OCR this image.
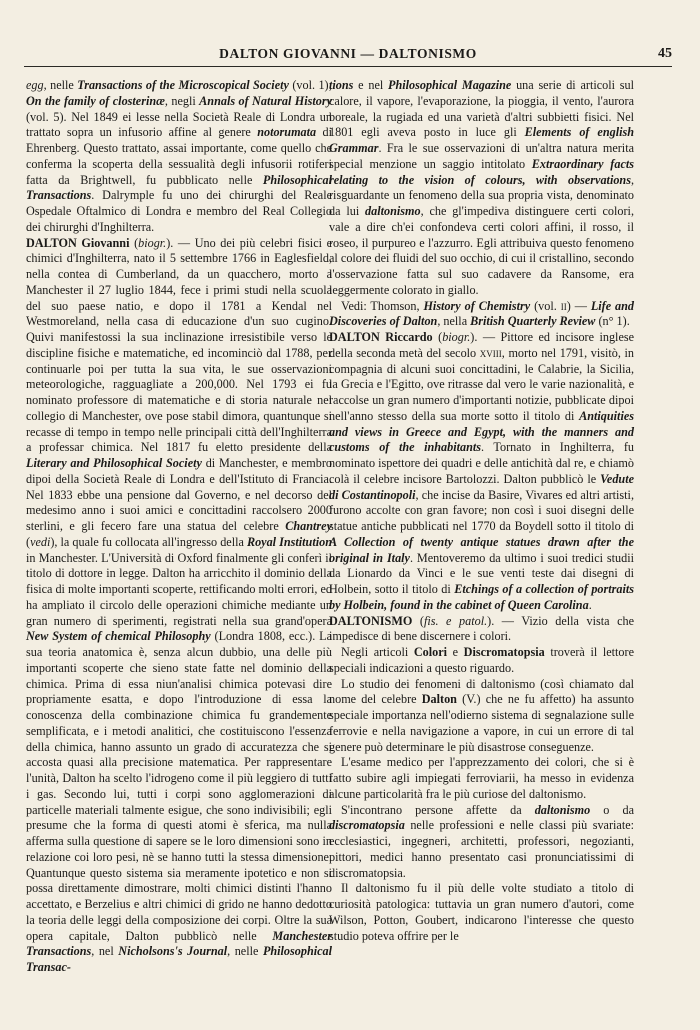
DALTON GIOVANNI — DALTONISMO	45

egg, nelle Transactions of the Microscopical Society (vol. 1); On the family of closterinæ, negli Annals of Natural History (vol. 5). Nel 1849 ei lesse nella Società Reale di Londra un trattato sopra un infusorio affine al genere notorumata di Ehrenberg. Questo trattato, assai importante, come quello che conferma la scoperta della sessualità degli infusorii rotiferi fatta da Brightwell, fu pubblicato nelle Philosophical Transactions. Dalrymple fu uno dei chirurghi del Reale Ospedale Oftalmico di Londra e membro del Real Collegio dei chirurghi d'Inghilterra.

DALTON Giovanni (biogr.). — Uno dei più celebri fisici e chimici d'Inghilterra, nato il 5 settembre 1766 in Eaglesfield, nella contea di Cumberland, da un quacchero, morto a Manchester il 27 luglio 1844, fece i primi studi nella scuola del suo paese natio, e dopo il 1781 a Kendal nel Westmoreland, nella casa di educazione d'un suo cugino. Quivi manifestossi la sua inclinazione irresistibile verso le discipline fisiche e matematiche, ed incominciò dal 1788, per continuarle poi per tutta la sua vita, le sue osservazioni meteorologiche, ragguagliate a 200,000. Nel 1793 ei fu nominato professore di matematiche e di storia naturale nel collegio di Manchester, ove pose stabil dimora, quantunque si recasse di tempo in tempo nelle principali città dell'Inghilterra a professar chimica. Nel 1817 fu eletto presidente della Literary and Philosophical Society di Manchester, e membro dipoi della Società Reale di Londra e dell'Istituto di Francia. Nel 1833 ebbe una pensione dal Governo, e nel decorso del medesimo anno i suoi amici e concittadini raccolsero 2000 sterlini, e gli fecero fare una statua del celebre Chantrey (vedi), la quale fu collocata all'ingresso della Royal Institution in Manchester. L'Università di Oxford finalmente gli conferì il titolo di dottore in legge. Dalton ha arricchito il dominio della fisica di molte importanti scoperte, rettificando molti errori, ed ha ampliato il circolo delle operazioni chimiche mediante un gran numero di sperimenti, registrati nella sua grand'opera New System of chemical Philosophy (Londra 1808, ecc.). La sua teoria anatomica è, senza alcun dubbio, una delle più importanti scoperte che sieno state fatte nel dominio della chimica. Prima di essa niun'analisi chimica potevasi dire propriamente esatta, e dopo l'introduzione di essa la conoscenza della combinazione chimica fu grandemente semplificata, e i metodi analitici, che costituiscono l'essenza della chimica, hanno assunto un grado di accuratezza che si accosta quasi alla precisione matematica. Per rappresentare l'unità, Dalton ha scelto l'idrogeno come il più leggiero di tutti i gas. Secondo lui, tutti i corpi sono agglomerazioni di particelle materiali talmente esigue, che sono indivisibili; egli presume che la forma di questi atomi è sferica, ma nulla afferma sulla questione di sapere se le loro dimensioni sono in relazione coi loro pesi, nè se hanno tutti la stessa dimensione. Quantunque questo sistema sia meramente ipotetico e non si possa direttamente dimostrare, molti chimici distinti l'hanno accettato, e Berzelius e altri chimici di grido ne hanno dedotto la teoria delle leggi della composizione dei corpi. Oltre la sua opera capitale, Dalton pubblicò nelle Manchester Transactions, nel Nicholsons's Journal, nelle Philosophical Transac-

tions e nel Philosophical Magazine una serie di articoli sul calore, il vapore, l'evaporazione, la pioggia, il vento, l'aurora boreale, la rugiada ed una varietà d'altri subbietti fisici. Nel 1801 egli aveva posto in luce gli Elements of english Grammar. Fra le sue osservazioni di un'altra natura merita special menzione un saggio intitolato Extraordinary facts relating to the vision of colours, with observations, risguardante un fenomeno della sua propria vista, denominato da lui daltonismo, che gl'impediva distinguere certi colori, vale a dire ch'ei confondeva certi colori affini, il rosso, il roseo, il purpureo e l'azzurro. Egli attribuiva questo fenomeno al colore dei fluidi del suo occhio, di cui il cristallino, secondo l'osservazione fatta sul suo cadavere da Ransome, era leggermente colorato in giallo.

Vedi: Thomson, History of Chemistry (vol. ii) — Life and Discoveries of Dalton, nella British Quarterly Review (n° 1).

DALTON Riccardo (biogr.). — Pittore ed incisore inglese della seconda metà del secolo xviii, morto nel 1791, visitò, in compagnia di alcuni suoi concittadini, le Calabrie, la Sicilia, la Grecia e l'Egitto, ove ritrasse dal vero le varie nazionalità, e raccolse un gran numero d'importanti notizie, pubblicate dipoi nell'anno stesso della sua morte sotto il titolo di Antiquities and views in Greece and Egypt, with the manners and customs of the inhabitants. Tornato in Inghilterra, fu nominato ispettore dei quadri e delle antichità dal re, e chiamò colà il celebre incisore Bartolozzi. Dalton pubblicò le Vedute di Costantinopoli, che incise da Basire, Vivares ed altri artisti, furono accolte con gran favore; non così i suoi disegni delle statue antiche pubblicati nel 1770 da Boydell sotto il titolo di A Collection of twenty antique statues drawn after the original in Italy. Mentoveremo da ultimo i suoi tredici studii da Lionardo da Vinci e le sue venti teste dai disegni di Holbein, sotto il titolo di Etchings of a collection of portraits by Holbein, found in the cabinet of Queen Carolina.

DALTONISMO (fis. e patol.). — Vizio della vista che impedisce di bene discernere i colori.

Negli articoli Colori e Discromatopsia troverà il lettore speciali indicazioni a questo riguardo.

Lo studio dei fenomeni di daltonismo (così chiamato dal nome del celebre Dalton (V.) che ne fu affetto) ha assunto speciale importanza nell'odierno sistema di segnalazione sulle ferrovie e nella navigazione a vapore, in cui un errore di tal genere può determinare le più disastrose conseguenze.

L'esame medico per l'apprezzamento dei colori, che si è fatto subire agli impiegati ferroviarii, ha messo in evidenza alcune particolarità fra le più curiose del daltonismo.

S'incontrano persone affette da daltonismo o da discromatopsia nelle professioni e nelle classi più svariate: ecclesiastici, ingegneri, architetti, professori, negozianti, pittori, medici hanno presentato casi pronunciatissimi di discromatopsia.

Il daltonismo fu il più delle volte studiato a titolo di curiosità patologica: tuttavia un gran numero d'autori, come Wilson, Potton, Goubert, indicarono l'interesse che questo studio poteva offrire per le
